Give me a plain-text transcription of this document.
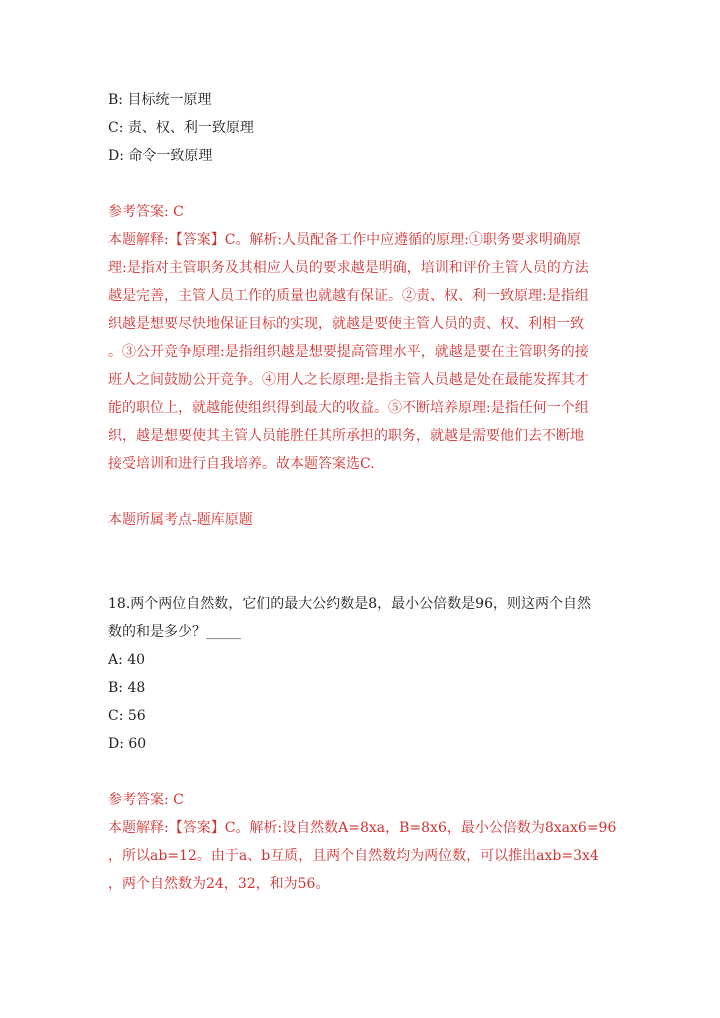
B: 目标统一原理
C: 责、权、利一致原理
D: 命令一致原理
参考答案: C
本题解释:【答案】C。解析:人员配备工作中应遵循的原理:①职务要求明确原
理:是指对主管职务及其相应人员的要求越是明确，培训和评价主管人员的方法
越是完善，主管人员工作的质量也就越有保证。②责、权、利一致原理:是指组
织越是想要尽快地保证目标的实现，就越是要使主管人员的责、权、利相一致
。③公开竞争原理:是指组织越是想要提高管理水平，就越是要在主管职务的接
班人之间鼓励公开竞争。④用人之长原理:是指主管人员越是处在最能发挥其才
能的职位上，就越能使组织得到最大的收益。⑤不断培养原理:是指任何一个组
织，越是想要使其主管人员能胜任其所承担的职务，就越是需要他们去不断地
接受培训和进行自我培养。故本题答案选C.
本题所属考点-题库原题
18.两个两位自然数，它们的最大公约数是8，最小公倍数是96，则这两个自然
数的和是多少？_____
A: 40
B: 48
C: 56
D: 60
参考答案: C
本题解释:【答案】C。解析:设自然数A=8xa，B=8x6，最小公倍数为8xax6=96
，所以ab=12。由于a、b互质，且两个自然数均为两位数，可以推出axb=3x4
，两个自然数为24，32，和为56。
